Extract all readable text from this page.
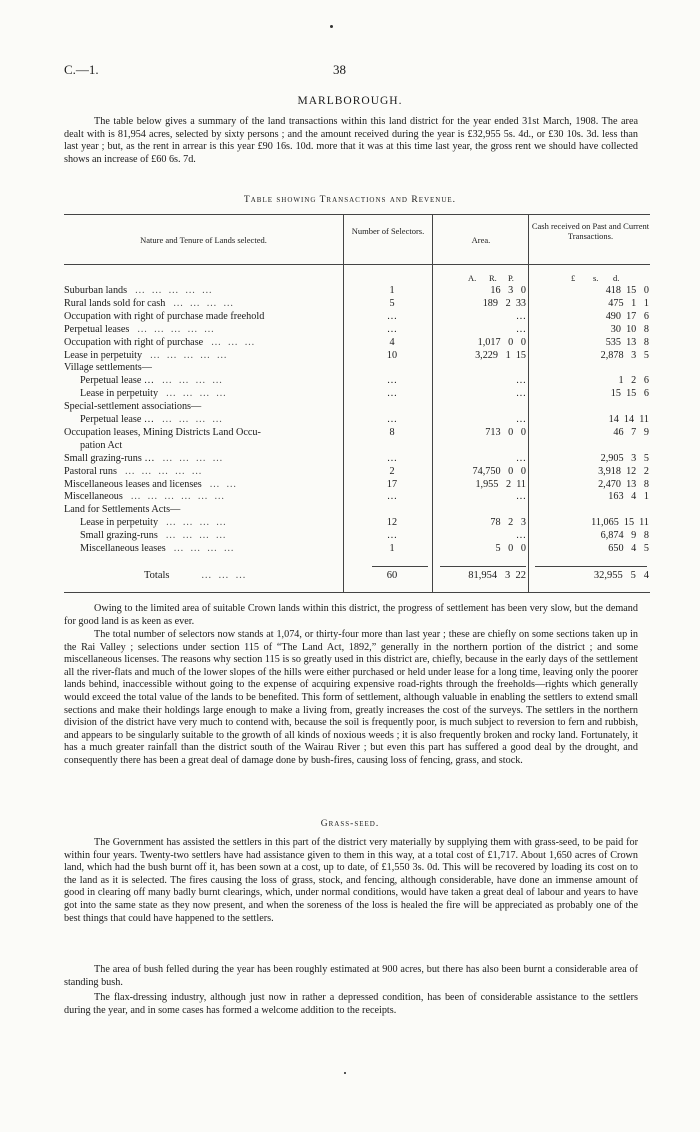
C.—1.	38
MARLBOROUGH.

The table below gives a summary of the land transactions within this land district for the year ended 31st March, 1908. The area dealt with is 81,954 acres, selected by sixty persons ; and the amount received during the year is £32,955 5s. 4d., or £30 10s. 3d. less than last year ; but, as the rent in arrear is this year £90 16s. 10d. more that it was at this time last year, the gross rent we should have collected shows an increase of £60 6s. 7d.

Table showing Transactions and Revenue.
Nature and Tenure of Lands selected.
Number of Selectors.
Area.
Cash received on Past and Current Transactions.
A. R. P.	£ s. d.
Suburban lands … … … … …	1	16   3   0	418  15   0
Rural lands sold for cash … … … …	5	189   2  33	475   1   1
Occupation with right of purchase made freehold	…	…	490  17   6
Perpetual leases … … … … …	…	…	30  10   8
Occupation with right of purchase … … …	4	1,017   0   0	535  13   8
Lease in perpetuity … … … … …	10	3,229   1  15	2,878   3   5
Village settlements—
Perpetual lease … … … … …	…	…	1   2   6
Lease in perpetuity … … … …	…	…	15  15   6
Special-settlement associations—
Perpetual lease … … … … …	…	…	14  14  11
Occupation leases, Mining Districts Land Occu-	8	713   0   0	46   7   9
pation Act
Small grazing-runs … … … … …	…	…	2,905   3   5
Pastoral runs … … … … …	2	74,750   0   0	3,918  12   2
Miscellaneous leases and licenses … …	17	1,955   2  11	2,470  13   8
Miscellaneous … … … … … …	…	…	163   4   1
Land for Settlements Acts—
Lease in perpetuity … … … …	12	78   2   3	11,065  15  11
Small grazing-runs … … … …	…	…	6,874   9   8
Miscellaneous leases … … … …	1	5   0   0	650   4   5
Totals	… … …	60	81,954   3  22	32,955   5   4

Owing to the limited area of suitable Crown lands within this district, the progress of settlement has been very slow, but the demand for good land is as keen as ever.

The total number of selectors now stands at 1,074, or thirty-four more than last year ; these are chiefly on some sections taken up in the Rai Valley ; selections under section 115 of “The Land Act, 1892,” generally in the northern portion of the district ; and some miscellaneous licenses. The reasons why section 115 is so greatly used in this district are, chiefly, because in the early days of the settlement all the river-flats and much of the lower slopes of the hills were either purchased or held under lease for a long time, leaving only the poorer lands behind, inaccessible without going to the expense of acquiring expensive road-rights through the freeholds—rights which generally would exceed the total value of the lands to be benefited. This form of settlement, although valuable in enabling the settlers to extend small sections and make their holdings large enough to make a living from, greatly increases the cost of the surveys. The settlers in the northern division of the district have very much to contend with, because the soil is frequently poor, is much subject to reversion to fern and rubbish, and appears to be singularly suitable to the growth of all kinds of noxious weeds ; it is also frequently broken and rocky land. Fortunately, it has a much greater rainfall than the district south of the Wairau River ; but even this part has suffered a good deal by the drought, and consequently there has been a great deal of damage done by bush-fires, causing loss of fencing, grass, and stock.

Grass-seed.

The Government has assisted the settlers in this part of the district very materially by supplying them with grass-seed, to be paid for within four years. Twenty-two settlers have had assistance given to them in this way, at a total cost of £1,717. About 1,650 acres of Crown land, which had the bush burnt off it, has been sown at a cost, up to date, of £1,550 3s. 0d. This will be recovered by loading its cost on to the land as it is selected. The fires causing the loss of grass, stock, and fencing, although considerable, have done an immense amount of good in clearing off many badly burnt clearings, which, under normal conditions, would have taken a great deal of labour and years to have got into the same state as they now present, and when the soreness of the loss is healed the fire will be appreciated as probably one of the best things that could have happened to the settlers.

The area of bush felled during the year has been roughly estimated at 900 acres, but there has also been burnt a considerable area of standing bush.

The flax-dressing industry, although just now in rather a depressed condition, has been of considerable assistance to the settlers during the year, and in some cases has formed a welcome addition to the receipts.
